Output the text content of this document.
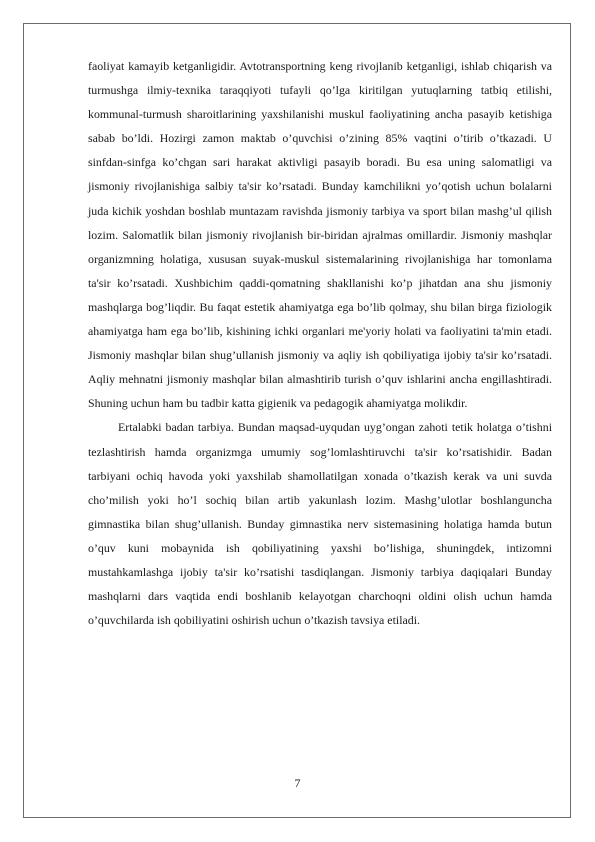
faoliyat kamayib ketganligidir. Avtotransportning keng rivojlanib ketganligi, ishlab chiqarish va turmushga ilmiy-texnika taraqqiyoti tufayli qo’lga kiritilgan yutuqlarning tatbiq etilishi, kommunal-turmush sharoitlarining yaxshilanishi muskul faoliyatining ancha pasayib ketishiga sabab bo’ldi. Hozirgi zamon maktab o’quvchisi o’zining 85% vaqtini o’tirib o’tkazadi. U sinfdan-sinfga ko’chgan sari harakat aktivligi pasayib boradi. Bu esa uning salomatligi va jismoniy rivojlanishiga salbiy ta'sir ko’rsatadi. Bunday kamchilikni yo’qotish uchun bolalarni juda kichik yoshdan boshlab muntazam ravishda jismoniy tarbiya va sport bilan mashg’ul qilish lozim. Salomatlik bilan jismoniy rivojlanish bir-biridan ajralmas omillardir. Jismoniy mashqlar organizmning holatiga, xususan suyak-muskul sistemalarining rivojlanishiga har tomonlama ta'sir ko’rsatadi. Xushbichim qaddi-qomatning shakllanishi ko’p jihatdan ana shu jismoniy mashqlarga bog’liqdir. Bu faqat estetik ahamiyatga ega bo’lib qolmay, shu bilan birga fiziologik ahamiyatga ham ega bo’lib, kishining ichki organlari me'yoriy holati va faoliyatini ta'min etadi. Jismoniy mashqlar bilan shug’ullanish jismoniy va aqliy ish qobiliyatiga ijobiy ta'sir ko’rsatadi. Aqliy mehnatni jismoniy mashqlar bilan almashtirib turish o’quv ishlarini ancha engillashtiradi. Shuning uchun ham bu tadbir katta gigienik va pedagogik ahamiyatga molikdir.

Ertalabki badan tarbiya. Bundan maqsad-uyqudan uyg’ongan zahoti tetik holatga o’tishni tezlashtirish hamda organizmga umumiy sog’lomlashtiruvchi ta'sir ko’rsatishidir. Badan tarbiyani ochiq havoda yoki yaxshilab shamollatilgan xonada o’tkazish kerak va uni suvda cho’milish yoki ho’l sochiq bilan artib yakunlash lozim. Mashg’ulotlar boshlanguncha gimnastika bilan shug’ullanish. Bunday gimnastika nerv sistemasining holatiga hamda butun o’quv kuni mobaynida ish qobiliyatining yaxshi bo’lishiga, shuningdek, intizomni mustahkamlashga ijobiy ta'sir ko’rsatishi tasdiqlangan. Jismoniy tarbiya daqiqalari Bunday mashqlarni dars vaqtida endi boshlanib kelayotgan charchoqni oldini olish uchun hamda o’quvchilarda ish qobiliyatini oshirish uchun o’tkazish tavsiya etiladi.

7
